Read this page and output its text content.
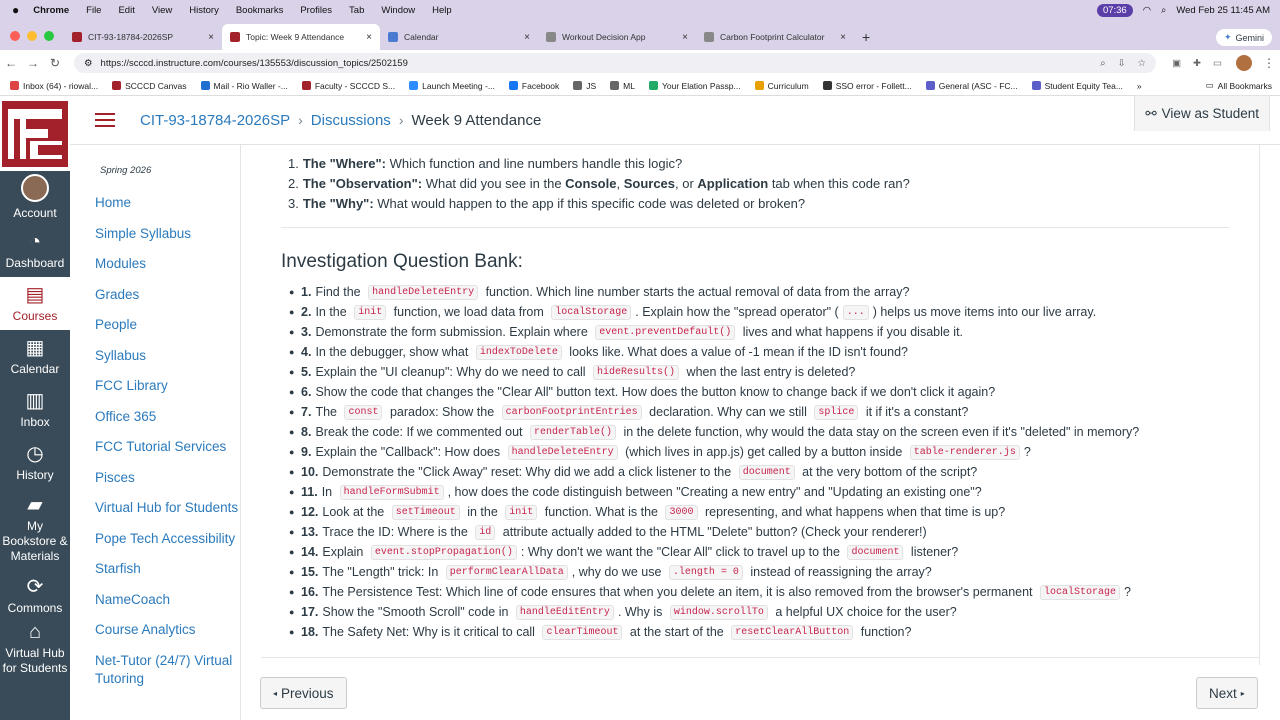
● Chrome File Edit View History Bookmarks Profiles Tab Window Help	07:36	◠ ⌕ Wed Feb 25 11:45 AM
CIT-93-18784-2026SP	×	Topic: Week 9 Attendance	×	Calendar	×	Workout Decision App	×	Carbon Footprint Calculator	× +	✦ Gemini
← → ↻	⚙ https://scccd.instructure.com/courses/135553/discussion_topics/2502159	⌕ ⇩ ☆	▣ ✚ ▭	⋮
Inbox (64) - riowal...	SCCCD Canvas	Mail - Rio Waller -...	Faculty - SCCCD S...	Launch Meeting -...	Facebook	JS	ML	Your Elation Passp...	Curriculum	SSO error - Follett...	General (ASC - FC...	Student Equity Tea... »	▭ All Bookmarks
Account
◔
Dashboard
▤
Courses
▦
Calendar
▥
Inbox
◷
History
▰
My Bookstore & Materials
⟳
Commons
⌂
Virtual Hub for Students
CIT-93-18784-2026SP › Discussions › Week 9 Attendance	⚯ View as Student
Spring 2026
Home
Simple Syllabus
Modules
Grades
People
Syllabus
FCC Library
Office 365
FCC Tutorial Services
Pisces
Virtual Hub for Students
Pope Tech Accessibility
Starfish
NameCoach
Course Analytics
Net-Tutor (24/7) Virtual Tutoring
1. The "Where": Which function and line numbers handle this logic?
2. The "Observation": What did you see in the Console, Sources, or Application tab when this code ran?
3. The "Why": What would happen to the app if this specific code was deleted or broken?
Investigation Question Bank:
● 1. Find the handleDeleteEntry function. Which line number starts the actual removal of data from the array?
● 2. In the init function, we load data from localStorage . Explain how the "spread operator" ( ... ) helps us move items into our live array.
● 3. Demonstrate the form submission. Explain where event.preventDefault() lives and what happens if you disable it.
● 4. In the debugger, show what indexToDelete looks like. What does a value of -1 mean if the ID isn't found?
● 5. Explain the "UI cleanup": Why do we need to call hideResults() when the last entry is deleted?
● 6. Show the code that changes the "Clear All" button text. How does the button know to change back if we don't click it again?
● 7. The const paradox: Show the carbonFootprintEntries declaration. Why can we still splice it if it's a constant?
● 8. Break the code: If we commented out renderTable() in the delete function, why would the data stay on the screen even if it's "deleted" in memory?
● 9. Explain the "Callback": How does handleDeleteEntry (which lives in app.js) get called by a button inside table-renderer.js ?
● 10. Demonstrate the "Click Away" reset: Why did we add a click listener to the document at the very bottom of the script?
● 11. In handleFormSubmit , how does the code distinguish between "Creating a new entry" and "Updating an existing one"?
● 12. Look at the setTimeout in the init function. What is the 3000 representing, and what happens when that time is up?
● 13. Trace the ID: Where is the id attribute actually added to the HTML "Delete" button? (Check your renderer!)
● 14. Explain event.stopPropagation() : Why don't we want the "Clear All" click to travel up to the document listener?
● 15. The "Length" trick: In performClearAllData , why do we use .length = 0 instead of reassigning the array?
● 16. The Persistence Test: Which line of code ensures that when you delete an item, it is also removed from the browser's permanent localStorage ?
● 17. Show the "Smooth Scroll" code in handleEditEntry . Why is window.scrollTo a helpful UX choice for the user?
● 18. The Safety Net: Why is it critical to call clearTimeout at the start of the resetClearAllButton function?
◂ Previous	Next ▸
